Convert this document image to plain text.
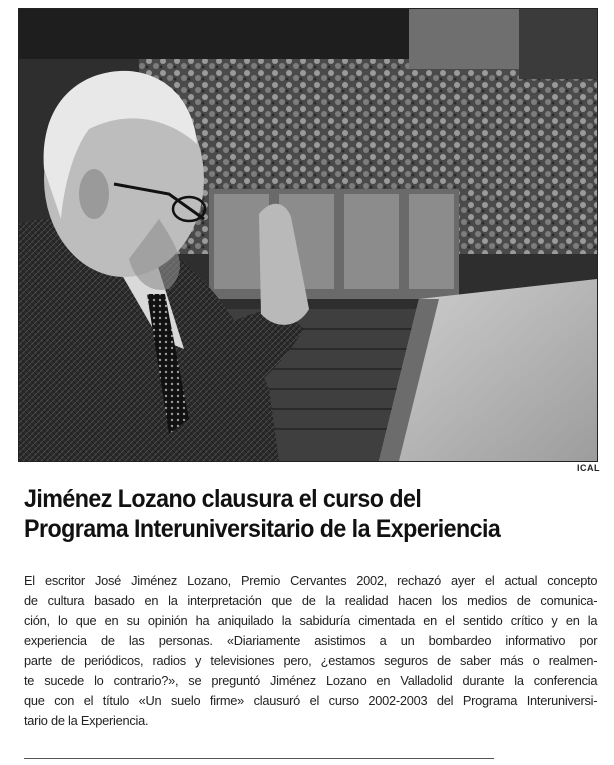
ICAL
Jiménez Lozano clausura el curso del
Programa Interuniversitario de la Experiencia
El escritor José Jiménez Lozano, Premio Cervantes 2002, rechazó ayer el actual concepto
de cultura basado en la interpretación que de la realidad hacen los medios de comunica-
ción, lo que en su opinión ha aniquilado la sabiduría cimentada en el sentido crítico y en la
experiencia de las personas. «Diariamente asistimos a un bombardeo informativo por
parte de periódicos, radios y televisiones pero, ¿estamos seguros de saber más o realmen-
te sucede lo contrario?», se preguntó Jiménez Lozano en Valladolid durante la conferencia
que con el título «Un suelo firme» clausuró el curso 2002-2003 del Programa Interuniversi-
tario de la Experiencia.
